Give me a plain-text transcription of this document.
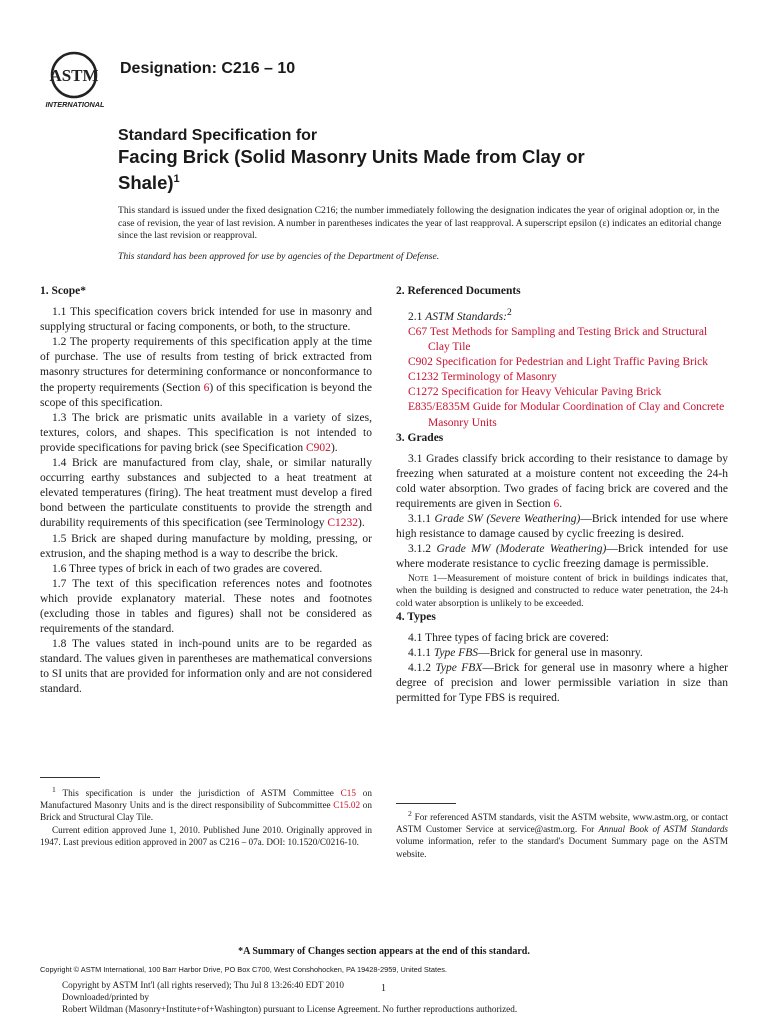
ASTM
INTERNATIONAL
Designation: C216 – 10
Standard Specification for
Facing Brick (Solid Masonry Units Made from Clay or
Shale)$^1$

This standard is issued under the fixed designation C216; the number immediately following the designation indicates the year of original adoption or, in the case of revision, the year of last revision. A number in parentheses indicates the year of last reapproval. A superscript epsilon (ε) indicates an editorial change since the last revision or reapproval.

This standard has been approved for use by agencies of the Department of Defense.

1. Scope*

1.1 This specification covers brick intended for use in masonry and supplying structural or facing components, or both, to the structure.

1.2 The property requirements of this specification apply at the time of purchase. The use of results from testing of brick extracted from masonry structures for determining conformance or nonconformance to the property requirements (Section 6) of this specification is beyond the scope of this specification.

1.3 The brick are prismatic units available in a variety of sizes, textures, colors, and shapes. This specification is not intended to provide specifications for paving brick (see Specification C902).

1.4 Brick are manufactured from clay, shale, or similar naturally occurring earthy substances and subjected to a heat treatment at elevated temperatures (firing). The heat treatment must develop a fired bond between the particulate constituents to provide the strength and durability requirements of this specification (see Terminology C1232).

1.5 Brick are shaped during manufacture by molding, pressing, or extrusion, and the shaping method is a way to describe the brick.

1.6 Three types of brick in each of two grades are covered.

1.7 The text of this specification references notes and footnotes which provide explanatory material. These notes and footnotes (excluding those in tables and figures) shall not be considered as requirements of the standard.

1.8 The values stated in inch-pound units are to be regarded as standard. The values given in parentheses are mathematical conversions to SI units that are provided for information only and are not considered standard.

2. Referenced Documents

2.1 ASTM Standards:$^2$

C67 Test Methods for Sampling and Testing Brick and Structural Clay Tile
C902 Specification for Pedestrian and Light Traffic Paving Brick
C1232 Terminology of Masonry
C1272 Specification for Heavy Vehicular Paving Brick
E835/E835M Guide for Modular Coordination of Clay and Concrete Masonry Units
3. Grades

3.1 Grades classify brick according to their resistance to damage by freezing when saturated at a moisture content not exceeding the 24-h cold water absorption. Two grades of facing brick are covered and the requirements are given in Section 6.

3.1.1 Grade SW (Severe Weathering)—Brick intended for use where high resistance to damage caused by cyclic freezing is desired.

3.1.2 Grade MW (Moderate Weathering)—Brick intended for use where moderate resistance to cyclic freezing damage is permissible.

Note 1—Measurement of moisture content of brick in buildings indicates that, when the building is designed and constructed to reduce water penetration, the 24-h cold water absorption is unlikely to be exceeded.

4. Types

4.1 Three types of facing brick are covered:

4.1.1 Type FBS—Brick for general use in masonry.

4.1.2 Type FBX—Brick for general use in masonry where a higher degree of precision and lower permissible variation in size than permitted for Type FBS is required.

$^1$ This specification is under the jurisdiction of ASTM Committee C15 on Manufactured Masonry Units and is the direct responsibility of Subcommittee C15.02 on Brick and Structural Clay Tile.

Current edition approved June 1, 2010. Published June 2010. Originally approved in 1947. Last previous edition approved in 2007 as C216 – 07a. DOI: 10.1520/C0216-10.

$^2$ For referenced ASTM standards, visit the ASTM website, www.astm.org, or contact ASTM Customer Service at service@astm.org. For Annual Book of ASTM Standards volume information, refer to the standard's Document Summary page on the ASTM website.

*A Summary of Changes section appears at the end of this standard.
Copyright © ASTM International, 100 Barr Harbor Drive, PO Box C700, West Conshohocken, PA 19428-2959, United States.
Copyright by ASTM Int'l (all rights reserved); Thu Jul 8 13:26:40 EDT 2010
Downloaded/printed by
Robert Wildman (Masonry+Institute+of+Washington) pursuant to License Agreement. No further reproductions authorized.
1
